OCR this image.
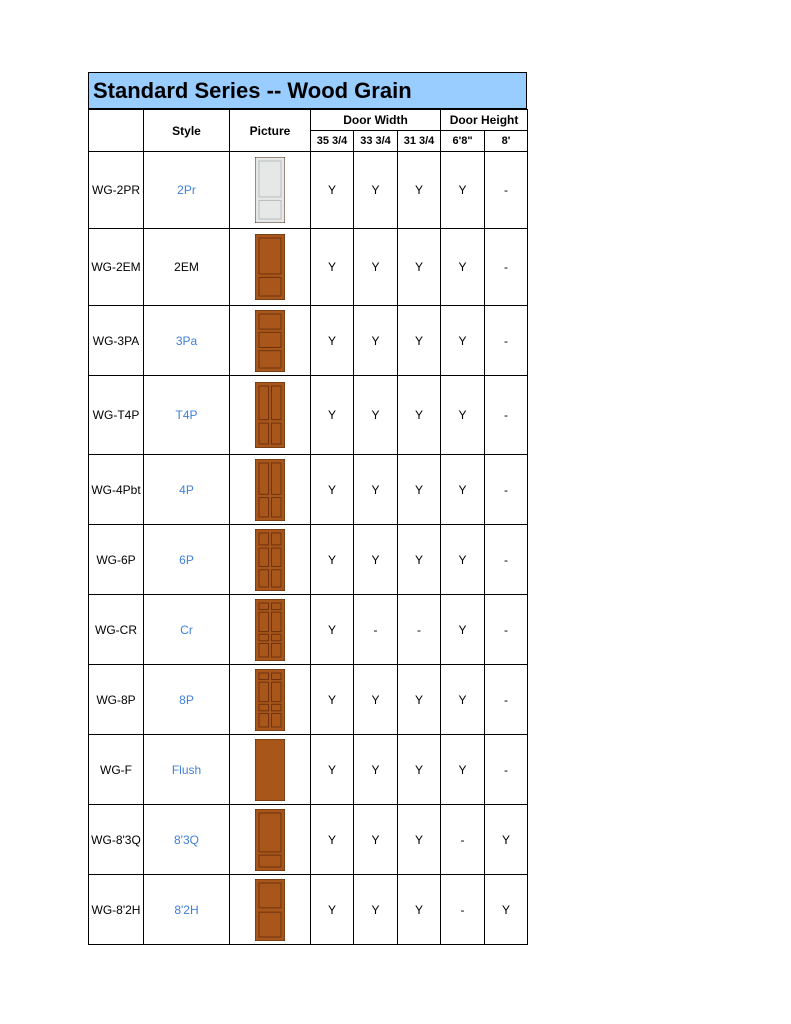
Standard Series -- Wood Grain
	Style	Picture	Door Width			Door Height	
			35 3/4	33 3/4	31 3/4	6'8"	8'
WG-2PR	2Pr		Y	Y	Y	Y	-
WG-2EM	2EM		Y	Y	Y	Y	-
WG-3PA	3Pa		Y	Y	Y	Y	-
WG-T4P	T4P		Y	Y	Y	Y	-
WG-4Pbt	4P		Y	Y	Y	Y	-
WG-6P	6P		Y	Y	Y	Y	-
WG-CR	Cr		Y	-	-	Y	-
WG-8P	8P		Y	Y	Y	Y	-
WG-F	Flush		Y	Y	Y	Y	-
WG-8'3Q	8'3Q		Y	Y	Y	-	Y
WG-8'2H	8'2H		Y	Y	Y	-	Y
